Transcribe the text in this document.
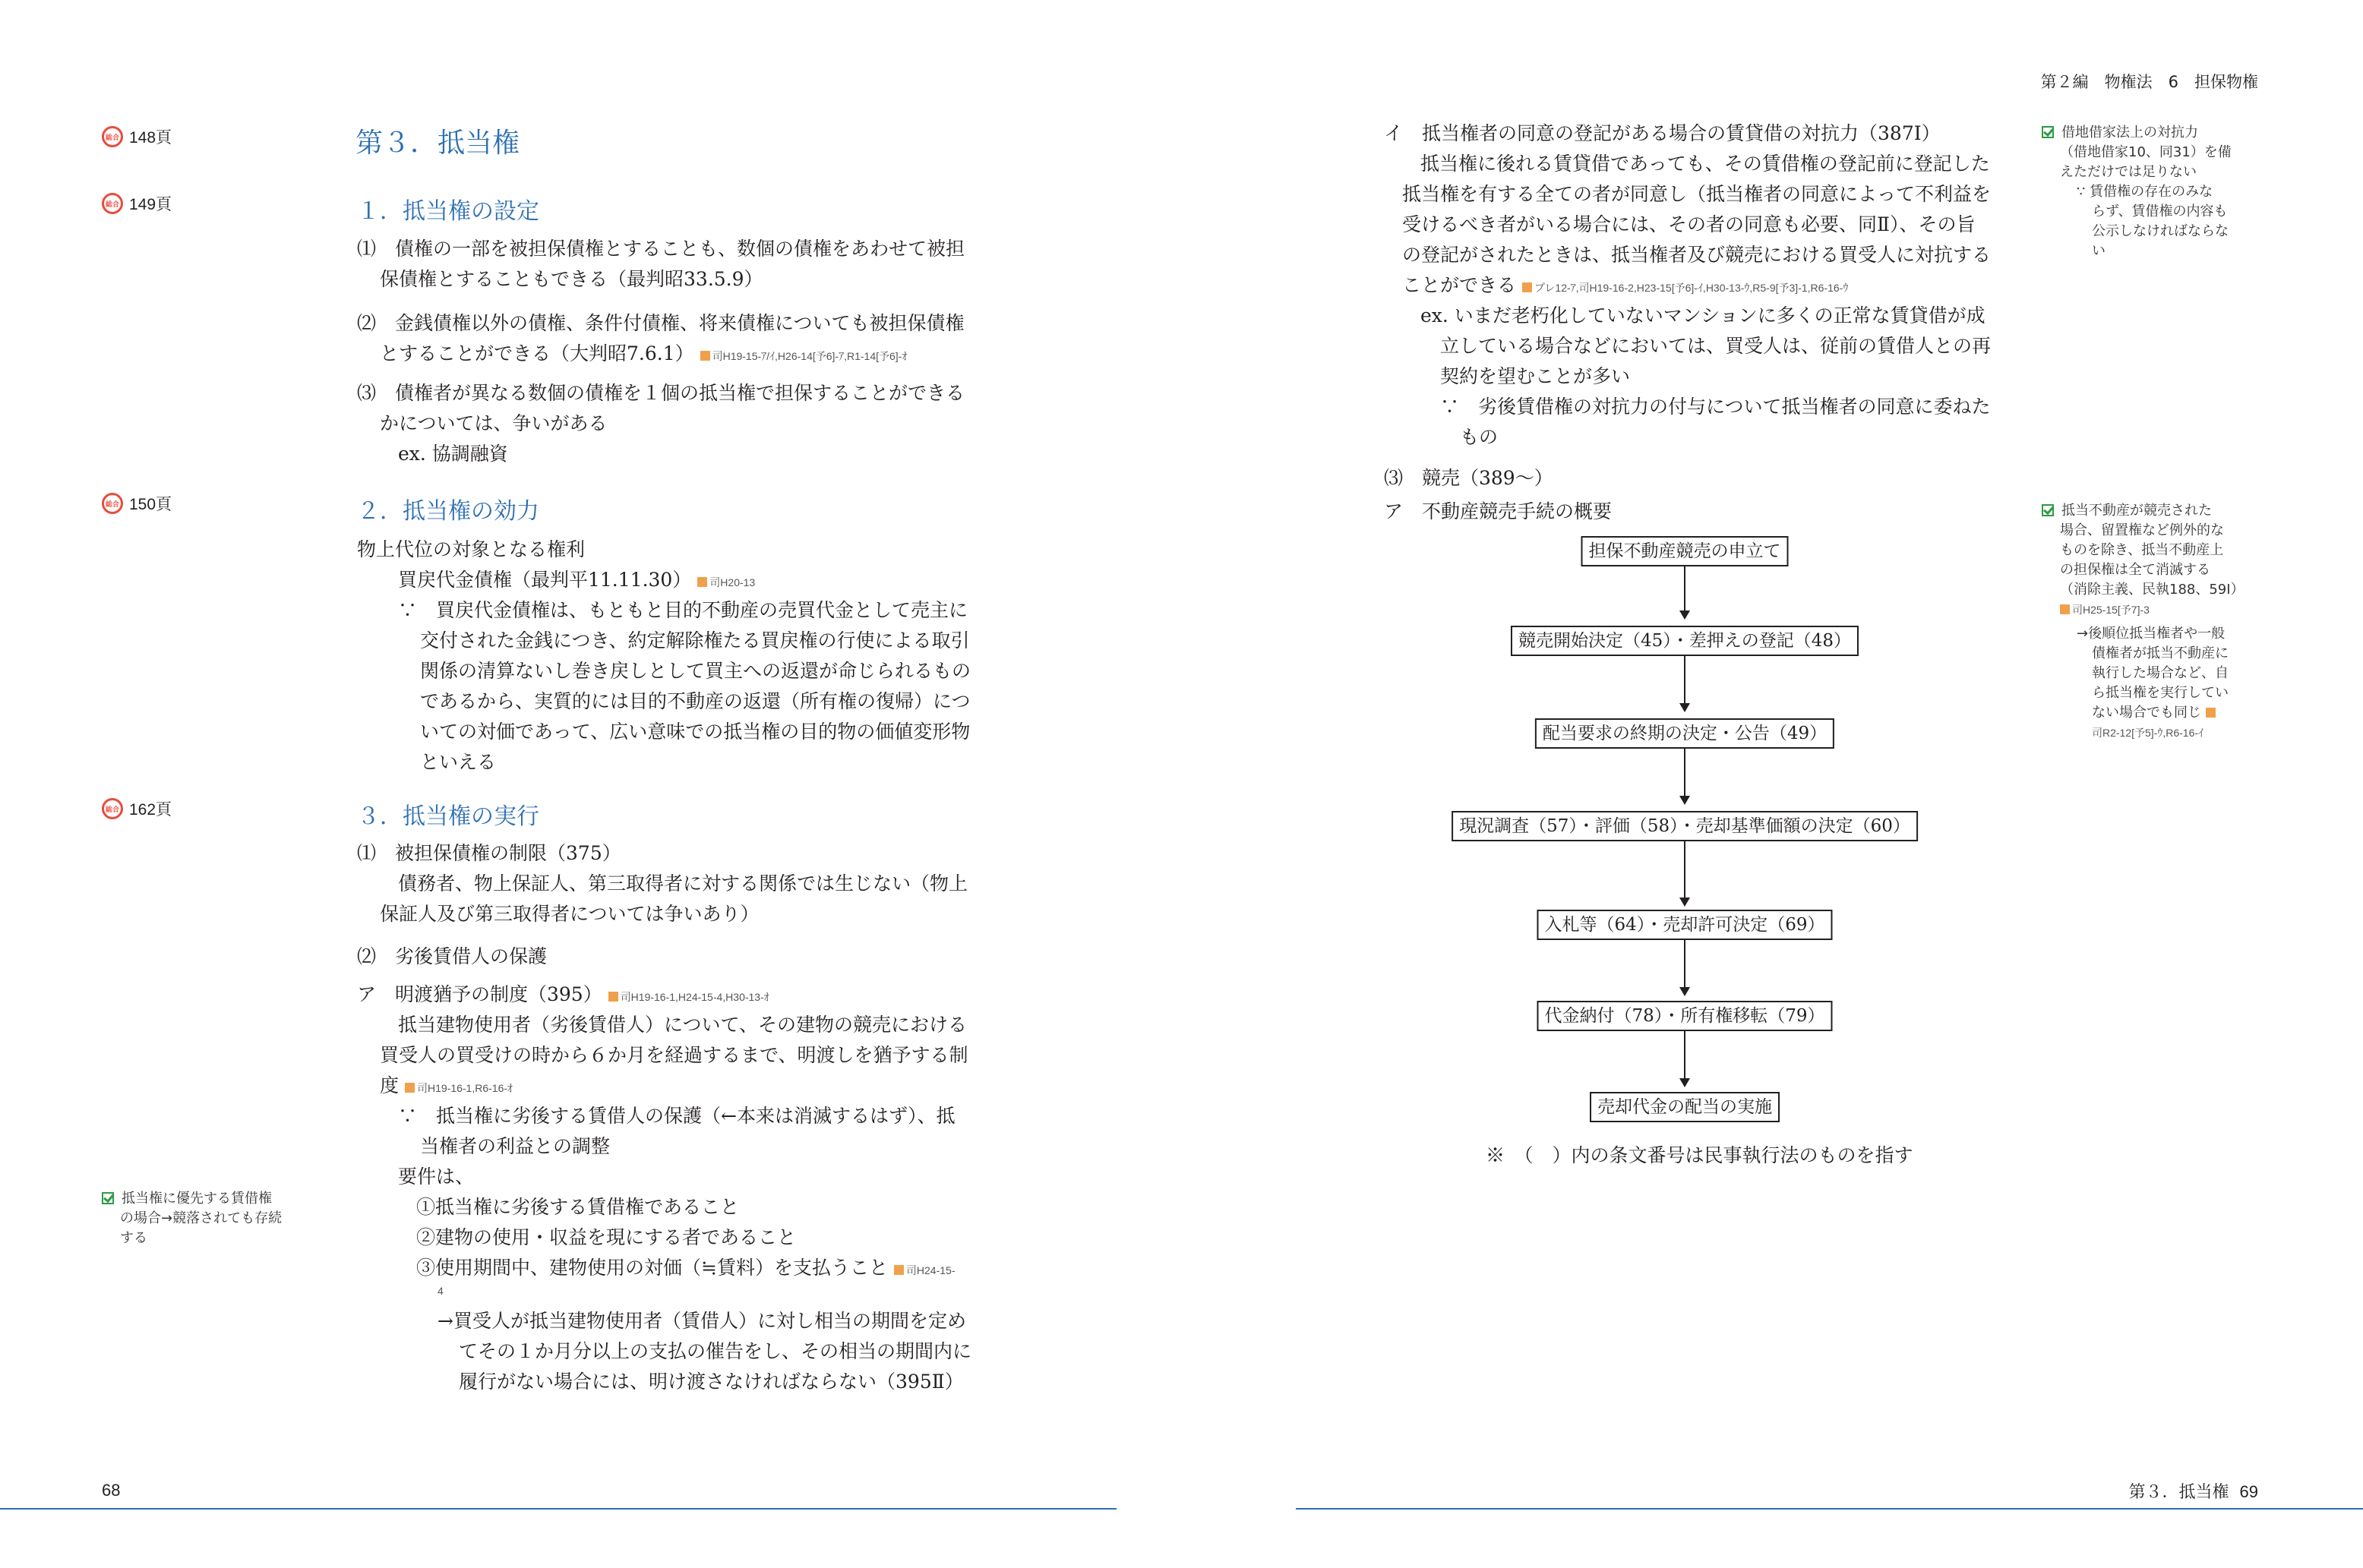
第２編　物権法　6　担保物権
68	第３．抵当権 69
総合 148頁
総合 149頁
総合 150頁
総合 162頁
第３．抵当権
１．抵当権の設定
⑴　債権の一部を被担保債権とすることも、数個の債権をあわせて被担
保債権とすることもできる（最判昭33.5.9）
⑵　金銭債権以外の債権、条件付債権、将来債権についても被担保債権
とすることができる（大判昭7.6.1） 司H19-15-ｱ/ｲ,H26-14[予6]-ｱ,R1-14[予6]-ｵ
⑶　債権者が異なる数個の債権を１個の抵当権で担保することができる
かについては、争いがある
ex. 協調融資
２．抵当権の効力
物上代位の対象となる権利
買戻代金債権（最判平11.11.30） 司H20-13
∵　買戻代金債権は、もともと目的不動産の売買代金として売主に
交付された金銭につき、約定解除権たる買戻権の行使による取引
関係の清算ないし巻き戻しとして買主への返還が命じられるもの
であるから、実質的には目的不動産の返還（所有権の復帰）につ
いての対価であって、広い意味での抵当権の目的物の価値変形物
といえる
３．抵当権の実行
⑴　被担保債権の制限（375）
債務者、物上保証人、第三取得者に対する関係では生じない（物上
保証人及び第三取得者については争いあり）
⑵　劣後賃借人の保護
ア　明渡猶予の制度（395） 司H19-16-1,H24-15-4,H30-13-ｵ
抵当建物使用者（劣後賃借人）について、その建物の競売における
買受人の買受けの時から６か月を経過するまで、明渡しを猶予する制
度 司H19-16-1,R6-16-ｵ
∵　抵当権に劣後する賃借人の保護（←本来は消滅するはず）、抵
当権者の利益との調整
要件は、
①抵当権に劣後する賃借権であること
②建物の使用・収益を現にする者であること
③使用期間中、建物使用の対価（≒賃料）を支払うこと 司H24-15-
4
→買受人が抵当建物使用者（賃借人）に対し相当の期間を定め
てその１か月分以上の支払の催告をし、その相当の期間内に
履行がない場合には、明け渡さなければならない（395Ⅱ）
抵当権に優先する賃借権
の場合→競落されても存続
する
イ　抵当権者の同意の登記がある場合の賃貸借の対抗力（387Ⅰ）
抵当権に後れる賃貸借であっても、その賃借権の登記前に登記した
抵当権を有する全ての者が同意し（抵当権者の同意によって不利益を
受けるべき者がいる場合には、その者の同意も必要、同Ⅱ）、その旨
の登記がされたときは、抵当権者及び競売における買受人に対抗する
ことができる プレ12-ｱ,司H19-16-2,H23-15[予6]-ｲ,H30-13-ｳ,R5-9[予3]-1,R6-16-ｳ
ex. いまだ老朽化していないマンションに多くの正常な賃貸借が成
立している場合などにおいては、買受人は、従前の賃借人との再
契約を望むことが多い
∵　劣後賃借権の対抗力の付与について抵当権者の同意に委ねた
もの
⑶　競売（389～）
ア　不動産競売手続の概要
担保不動産競売の申立て
競売開始決定（45）・差押えの登記（48）
配当要求の終期の決定・公告（49）
現況調査（57）・評価（58）・売却基準価額の決定（60）
入札等（64）・売却許可決定（69）
代金納付（78）・所有権移転（79）
売却代金の配当の実施
※　（　）内の条文番号は民事執行法のものを指す
借地借家法上の対抗力
（借地借家10、同31）を備
えただけでは足りない
∵ 賃借権の存在のみな
らず、賃借権の内容も
公示しなければならな
い
抵当不動産が競売された
場合、留置権など例外的な
ものを除き、抵当不動産上
の担保権は全て消滅する
（消除主義、民執188、59Ⅰ）
司H25-15[予7]-3
→後順位抵当権者や一般
債権者が抵当不動産に
執行した場合など、自
ら抵当権を実行してい
ない場合でも同じ
司R2-12[予5]-ｳ,R6-16-ｲ
